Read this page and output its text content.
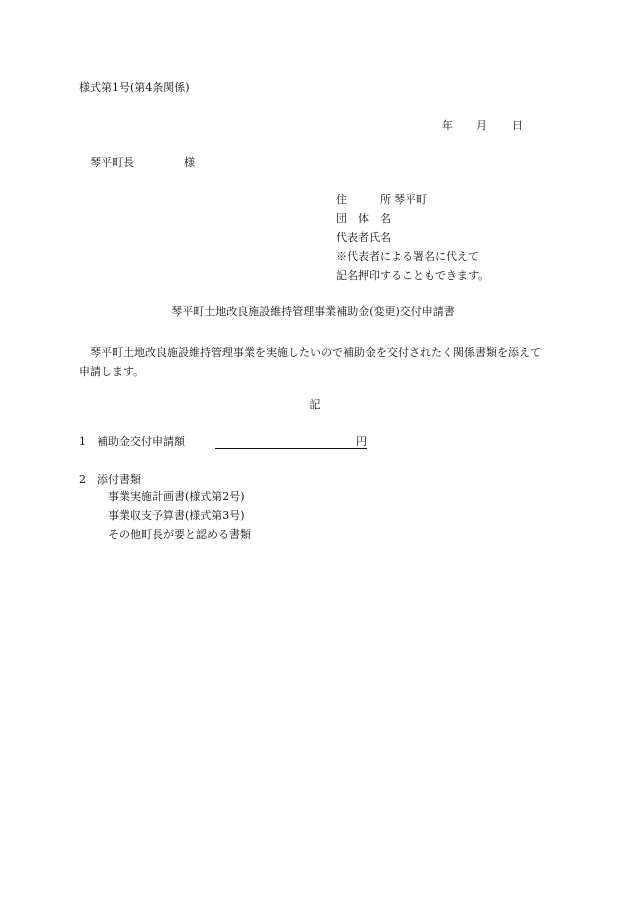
様式第1号(第4条関係)
年 月 日
琴平町長	様
住　　　所 琴平町
団　体　名
代表者氏名
※代表者による署名に代えて
記名押印することもできます。
琴平町土地改良施設維持管理事業補助金(変更)交付申請書
琴平町土地改良施設維持管理事業を実施したいので補助金を交付されたく関係書類を添えて申請します。
記
1 補助金交付申請額	円
2 添付書類
事業実施計画書(様式第2号)
事業収支予算書(様式第3号)
その他町長が要と認める書類
